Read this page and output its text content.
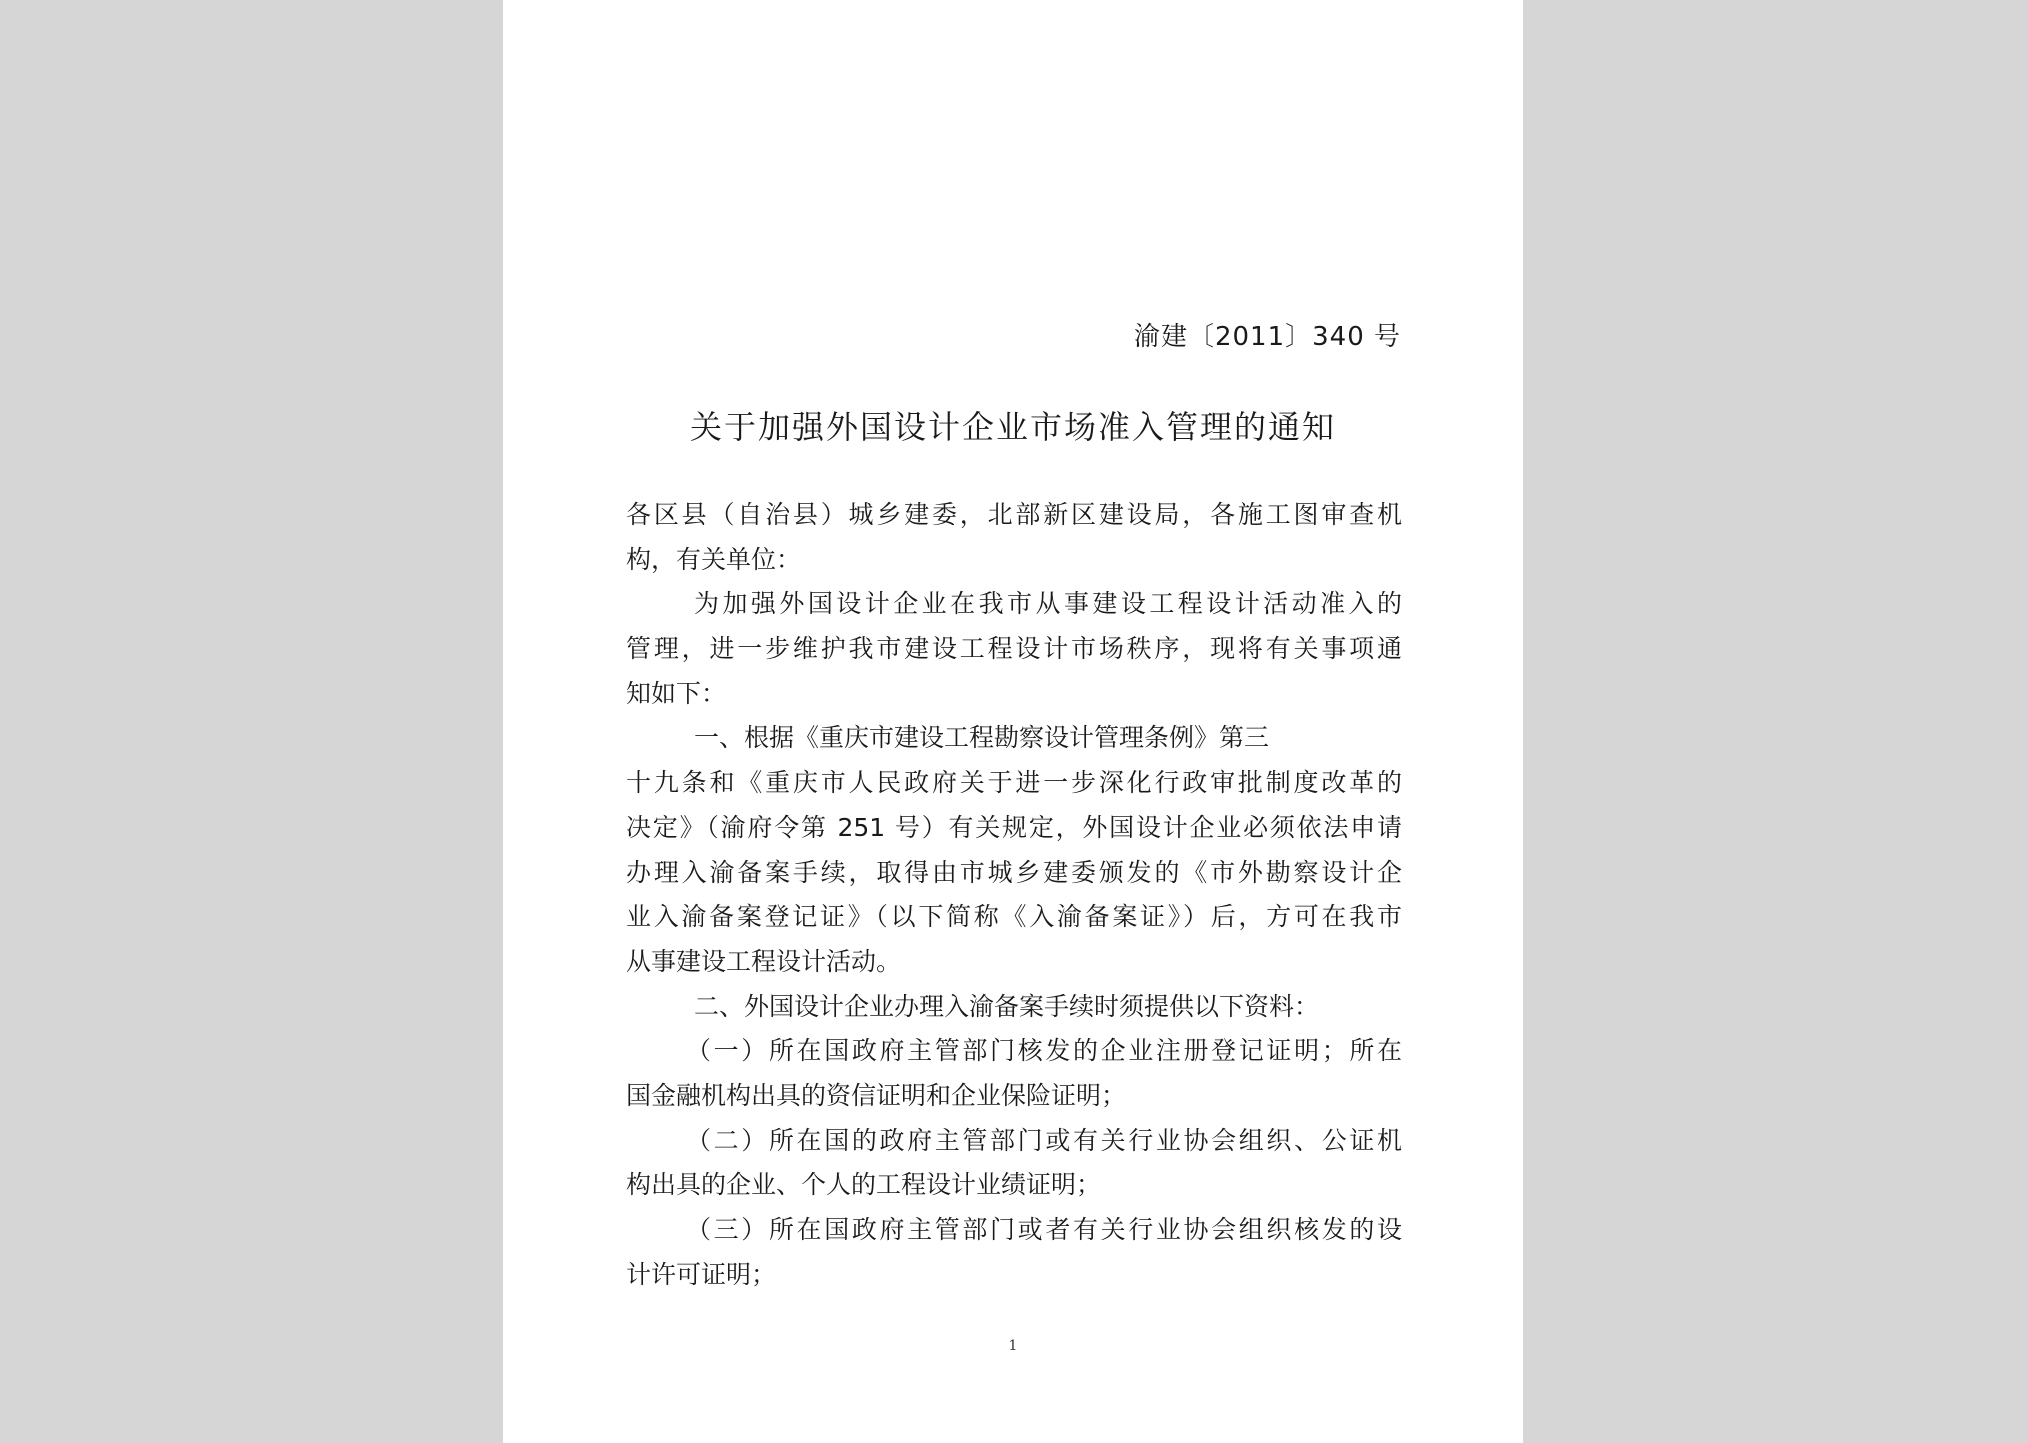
渝建〔2011〕340 号
关于加强外国设计企业市场准入管理的通知
各区县（自治县）城乡建委，北部新区建设局，各施工图审查机
构，有关单位：
为加强外国设计企业在我市从事建设工程设计活动准入的
管理，进一步维护我市建设工程设计市场秩序，现将有关事项通
知如下：
一、根据《重庆市建设工程勘察设计管理条例》第三
十九条和《重庆市人民政府关于进一步深化行政审批制度改革的
决定》（渝府令第 251 号）有关规定，外国设计企业必须依法申请
办理入渝备案手续，取得由市城乡建委颁发的《市外勘察设计企
业入渝备案登记证》（以下简称《入渝备案证》）后，方可在我市
从事建设工程设计活动。
二、外国设计企业办理入渝备案手续时须提供以下资料：
（一）所在国政府主管部门核发的企业注册登记证明；所在
国金融机构出具的资信证明和企业保险证明；
（二）所在国的政府主管部门或有关行业协会组织、公证机
构出具的企业、个人的工程设计业绩证明；
（三）所在国政府主管部门或者有关行业协会组织核发的设
计许可证明；
1
